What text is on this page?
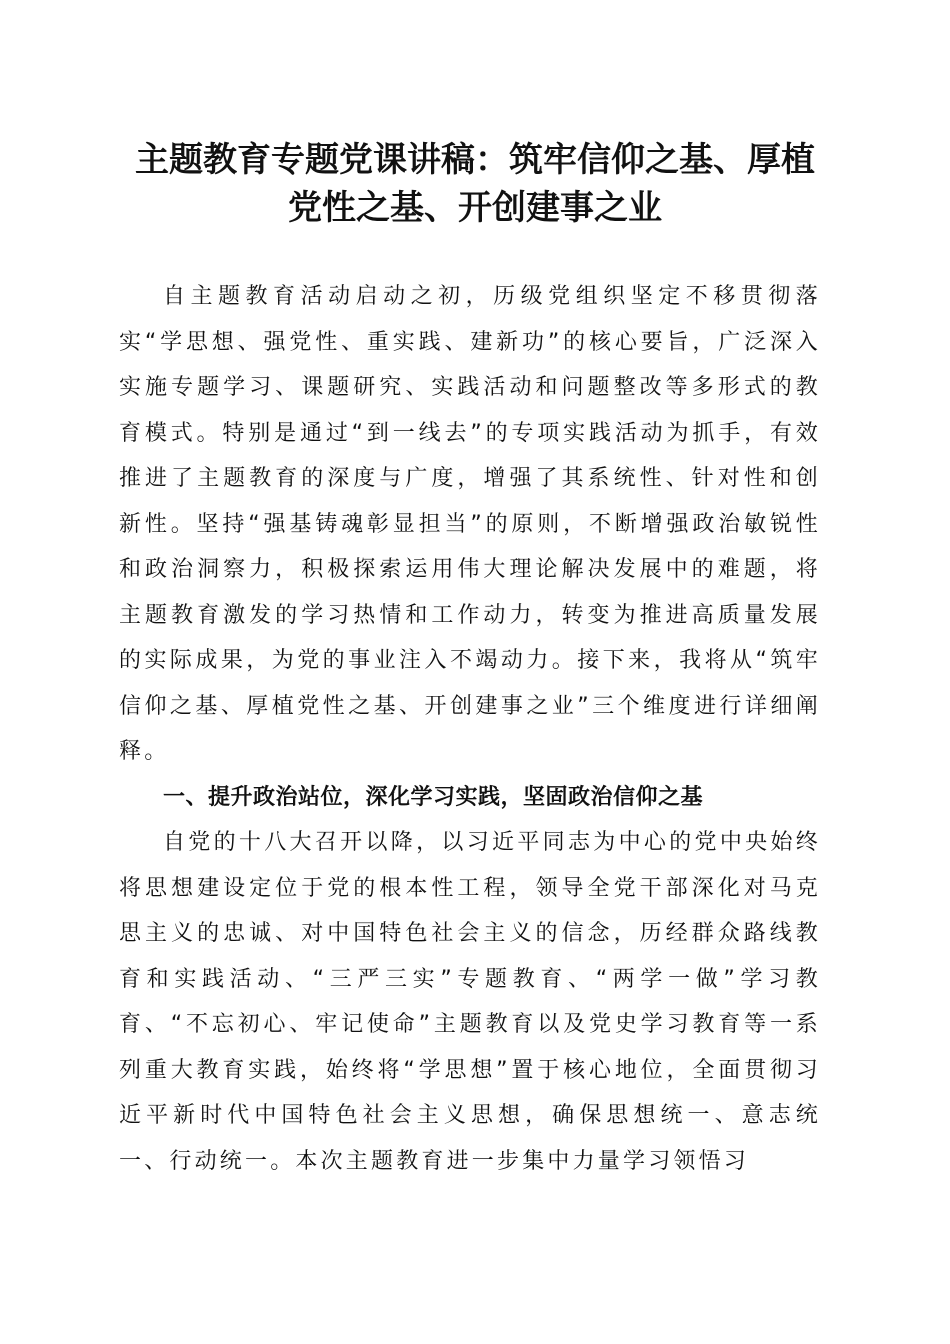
主题教育专题党课讲稿：筑牢信仰之基、厚植
党性之基、开创建事之业

自主题教育活动启动之初，历级党组织坚定不移贯彻落实“学思想、强党性、重实践、建新功”的核心要旨，广泛深入实施专题学习、课题研究、实践活动和问题整改等多形式的教育模式。特别是通过“到一线去”的专项实践活动为抓手，有效推进了主题教育的深度与广度，增强了其系统性、针对性和创新性。坚持“强基铸魂彰显担当”的原则，不断增强政治敏锐性和政治洞察力，积极探索运用伟大理论解决发展中的难题，将主题教育激发的学习热情和工作动力，转变为推进高质量发展的实际成果，为党的事业注入不竭动力。接下来，我将从“筑牢信仰之基、厚植党性之基、开创建事之业”三个维度进行详细阐释。

一、提升政治站位，深化学习实践，坚固政治信仰之基

自党的十八大召开以降，以习近平同志为中心的党中央始终将思想建设定位于党的根本性工程，领导全党干部深化对马克思主义的忠诚、对中国特色社会主义的信念，历经群众路线教育和实践活动、“三严三实”专题教育、“两学一做”学习教育、“不忘初心、牢记使命”主题教育以及党史学习教育等一系列重大教育实践，始终将“学思想”置于核心地位，全面贯彻习近平新时代中国特色社会主义思想，确保思想统一、意志统一、行动统一。本次主题教育进一步集中力量学习领悟习
